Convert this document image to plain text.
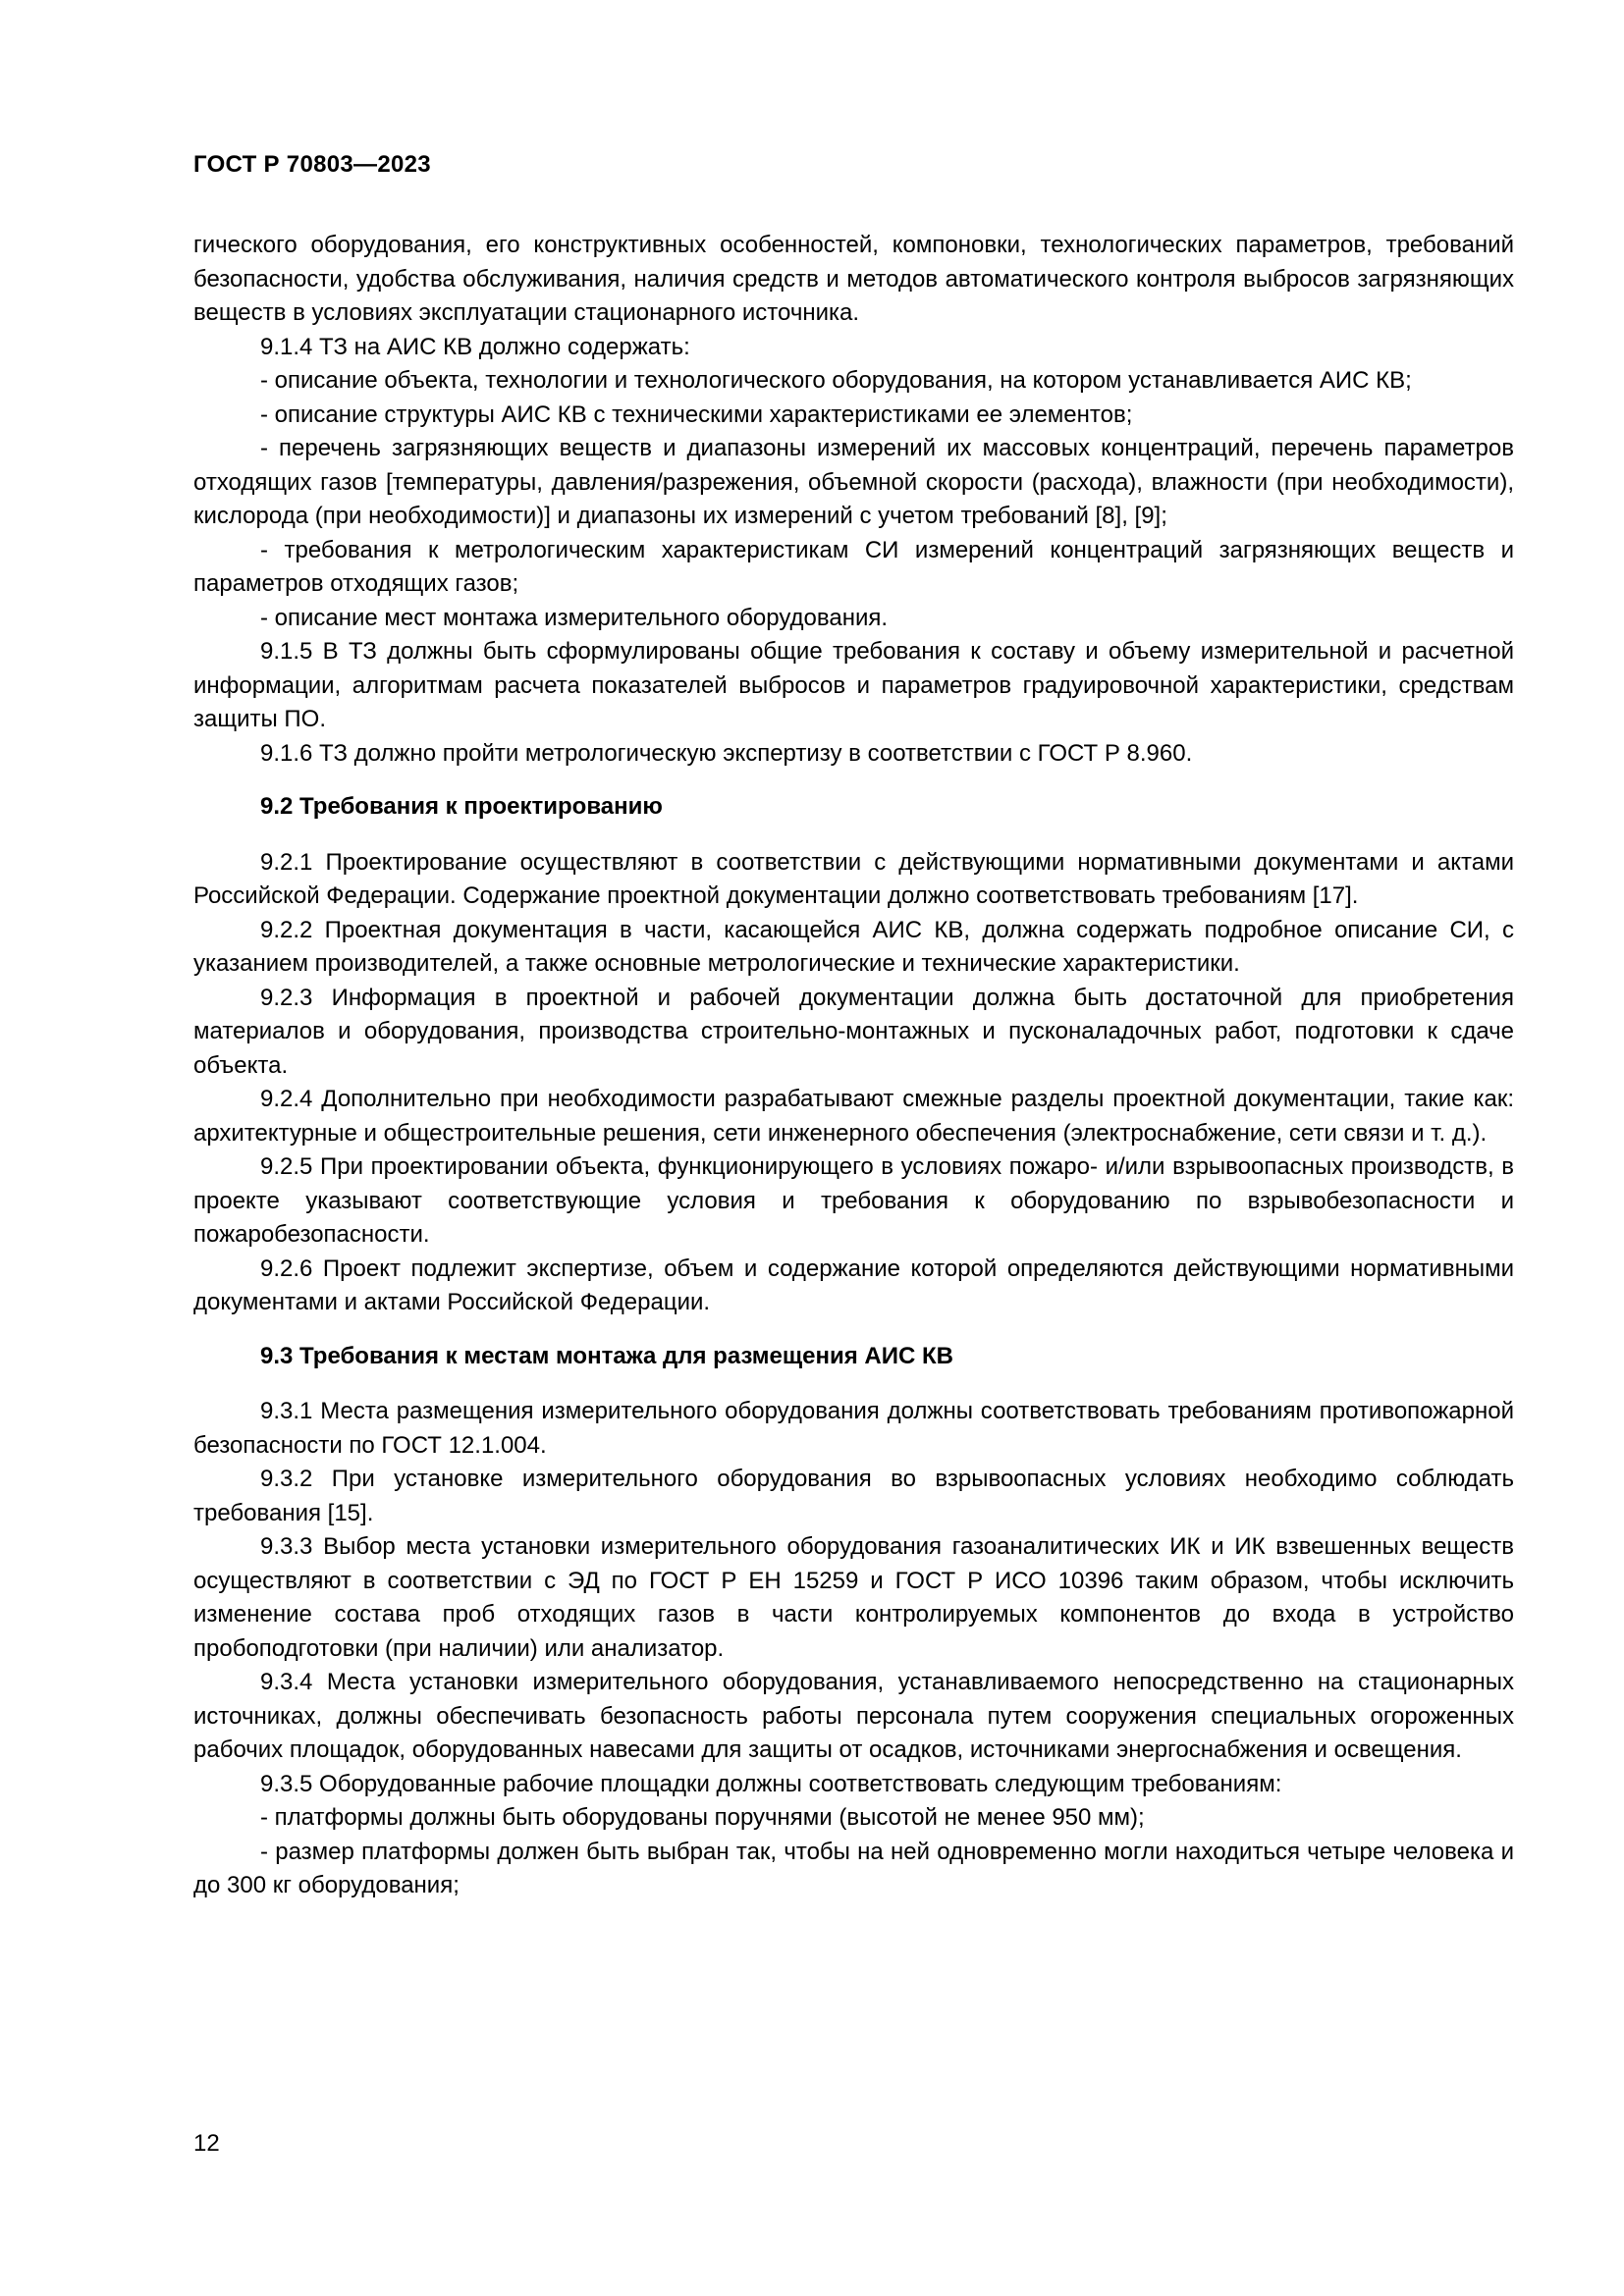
ГОСТ Р 70803—2023

гического оборудования, его конструктивных особенностей, компоновки, технологических параметров, требований безопасности, удобства обслуживания, наличия средств и методов автоматического контроля выбросов загрязняющих веществ в условиях эксплуатации стационарного источника.

9.1.4 ТЗ на АИС КВ должно содержать:

- описание объекта, технологии и технологического оборудования, на котором устанавливается АИС КВ;

- описание структуры АИС КВ с техническими характеристиками ее элементов;

- перечень загрязняющих веществ и диапазоны измерений их массовых концентраций, перечень параметров отходящих газов [температуры, давления/разрежения, объемной скорости (расхода), влажности (при необходимости), кислорода (при необходимости)] и диапазоны их измерений с учетом требований [8], [9];

- требования к метрологическим характеристикам СИ измерений концентраций загрязняющих веществ и параметров отходящих газов;

- описание мест монтажа измерительного оборудования.

9.1.5 В ТЗ должны быть сформулированы общие требования к составу и объему измерительной и расчетной информации, алгоритмам расчета показателей выбросов и параметров градуировочной характеристики, средствам защиты ПО.

9.1.6 ТЗ должно пройти метрологическую экспертизу в соответствии с ГОСТ Р 8.960.

9.2 Требования к проектированию

9.2.1 Проектирование осуществляют в соответствии с действующими нормативными документами и актами Российской Федерации. Содержание проектной документации должно соответствовать требованиям [17].

9.2.2 Проектная документация в части, касающейся АИС КВ, должна содержать подробное описание СИ, с указанием производителей, а также основные метрологические и технические характеристики.

9.2.3 Информация в проектной и рабочей документации должна быть достаточной для приобретения материалов и оборудования, производства строительно-монтажных и пусконаладочных работ, подготовки к сдаче объекта.

9.2.4 Дополнительно при необходимости разрабатывают смежные разделы проектной документации, такие как: архитектурные и общестроительные решения, сети инженерного обеспечения (электроснабжение, сети связи и т. д.).

9.2.5 При проектировании объекта, функционирующего в условиях пожаро- и/или взрывоопасных производств, в проекте указывают соответствующие условия и требования к оборудованию по взрывобезопасности и пожаробезопасности.

9.2.6 Проект подлежит экспертизе, объем и содержание которой определяются действующими нормативными документами и актами Российской Федерации.

9.3 Требования к местам монтажа для размещения АИС КВ

9.3.1 Места размещения измерительного оборудования должны соответствовать требованиям противопожарной безопасности по ГОСТ 12.1.004.

9.3.2 При установке измерительного оборудования во взрывоопасных условиях необходимо соблюдать требования [15].

9.3.3 Выбор места установки измерительного оборудования газоаналитических ИК и ИК взвешенных веществ осуществляют в соответствии с ЭД по ГОСТ Р ЕН 15259 и ГОСТ Р ИСО 10396 таким образом, чтобы исключить изменение состава проб отходящих газов в части контролируемых компонентов до входа в устройство пробоподготовки (при наличии) или анализатор.

9.3.4 Места установки измерительного оборудования, устанавливаемого непосредственно на стационарных источниках, должны обеспечивать безопасность работы персонала путем сооружения специальных огороженных рабочих площадок, оборудованных навесами для защиты от осадков, источниками энергоснабжения и освещения.

9.3.5 Оборудованные рабочие площадки должны соответствовать следующим требованиям:

- платформы должны быть оборудованы поручнями (высотой не менее 950 мм);

- размер платформы должен быть выбран так, чтобы на ней одновременно могли находиться четыре человека и до 300 кг оборудования;

12
